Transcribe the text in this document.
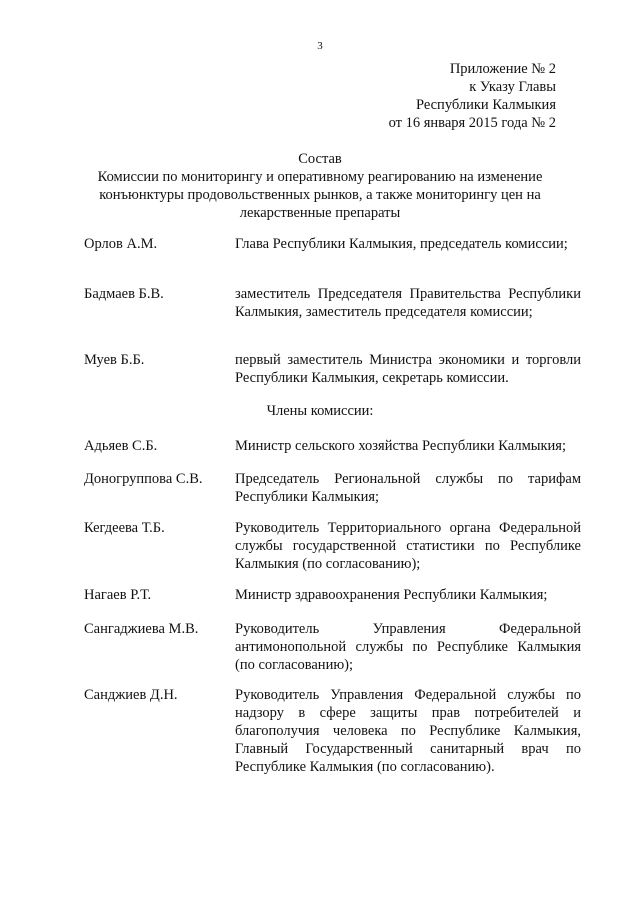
3
Приложение № 2
к Указу Главы
Республики Калмыкия
от 16 января 2015 года № 2
Состав
Комиссии по мониторингу и оперативному реагированию на изменение
конъюнктуры продовольственных рынков, а также мониторингу цен на
лекарственные препараты
Орлов А.М.	Глава Республики Калмыкия, председатель комиссии;
Бадмаев Б.В.	заместитель Председателя Правительства Республики Калмыкия, заместитель председателя комиссии;
Муев Б.Б.	первый заместитель Министра экономики и торговли Республики Калмыкия, секретарь комиссии.
Члены комиссии:
Адьяев С.Б.	Министр сельского хозяйства Республики Калмыкия;
Доногруппова С.В. Председатель Региональной службы по тарифам Республики Калмыкия;
Кегдеева Т.Б.	Руководитель Территориального органа Федеральной службы государственной статистики по Республике Калмыкия (по согласованию);
Нагаев Р.Т.	Министр здравоохранения Республики Калмыкия;
Сангаджиева М.В.	Руководитель Управления Федеральной антимонопольной службы по Республике Калмыкия (по согласованию);
Санджиев Д.Н.	Руководитель Управления Федеральной службы по надзору в сфере защиты прав потребителей и благополучия человека по Республике Калмыкия, Главный Государственный санитарный врач по Республике Калмыкия (по согласованию).
